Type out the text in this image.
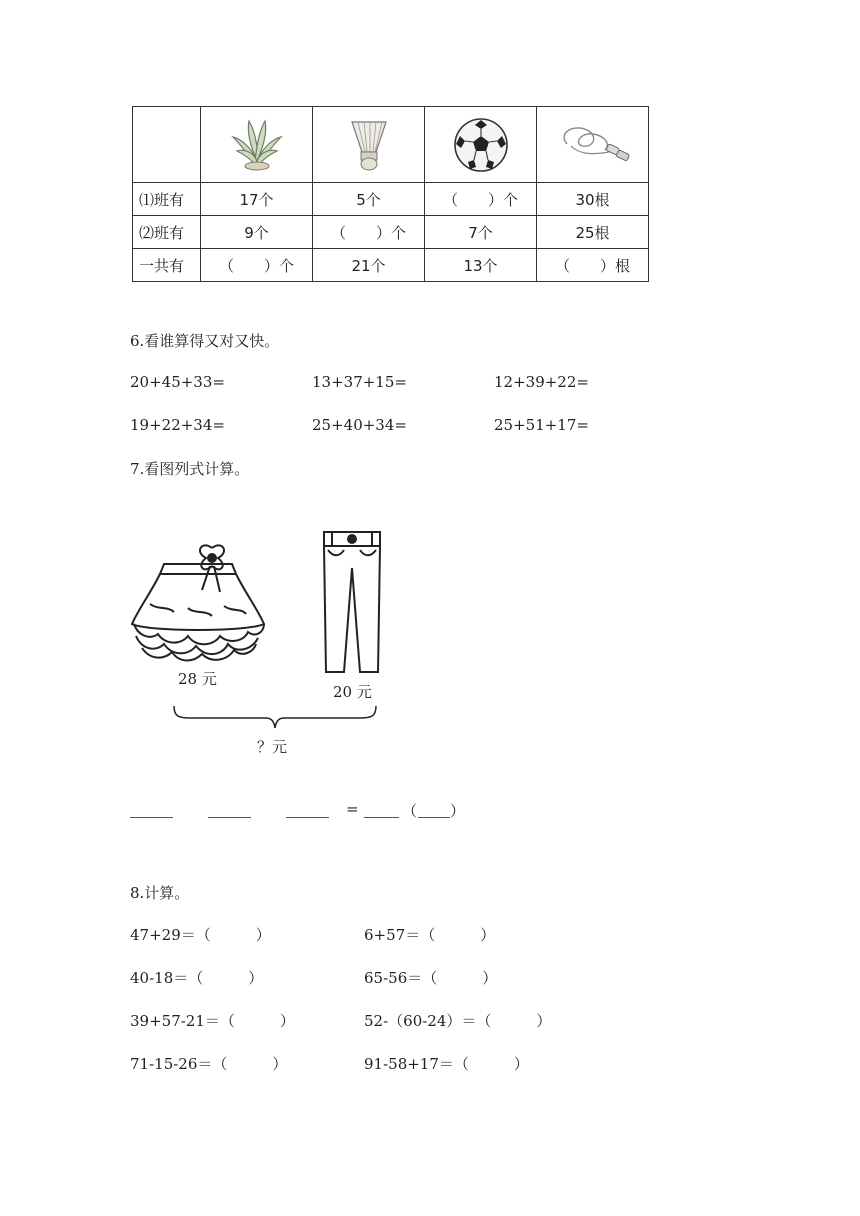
⑴班有	17个	5个	（　　）个	30根
⑵班有	9个	（　　）个	7个	25根
一共有	（　　）个	21个	13个	（　　）根
6.看谁算得又对又快。
20+45+33=	13+37+15=	12+39+22=
19+22+34=	25+40+34=	25+51+17=
7.看图列式计算。
28 元
20 元
？元
=	（ ）
8.计算。
47+29＝（　　　）	6+57＝（　　　）
40-18＝（　　　）	65-56＝（　　　）
39+57-21＝（　　　）	52-（60-24）＝（　　　）
71-15-26＝（　　　）	91-58+17＝（　　　）
